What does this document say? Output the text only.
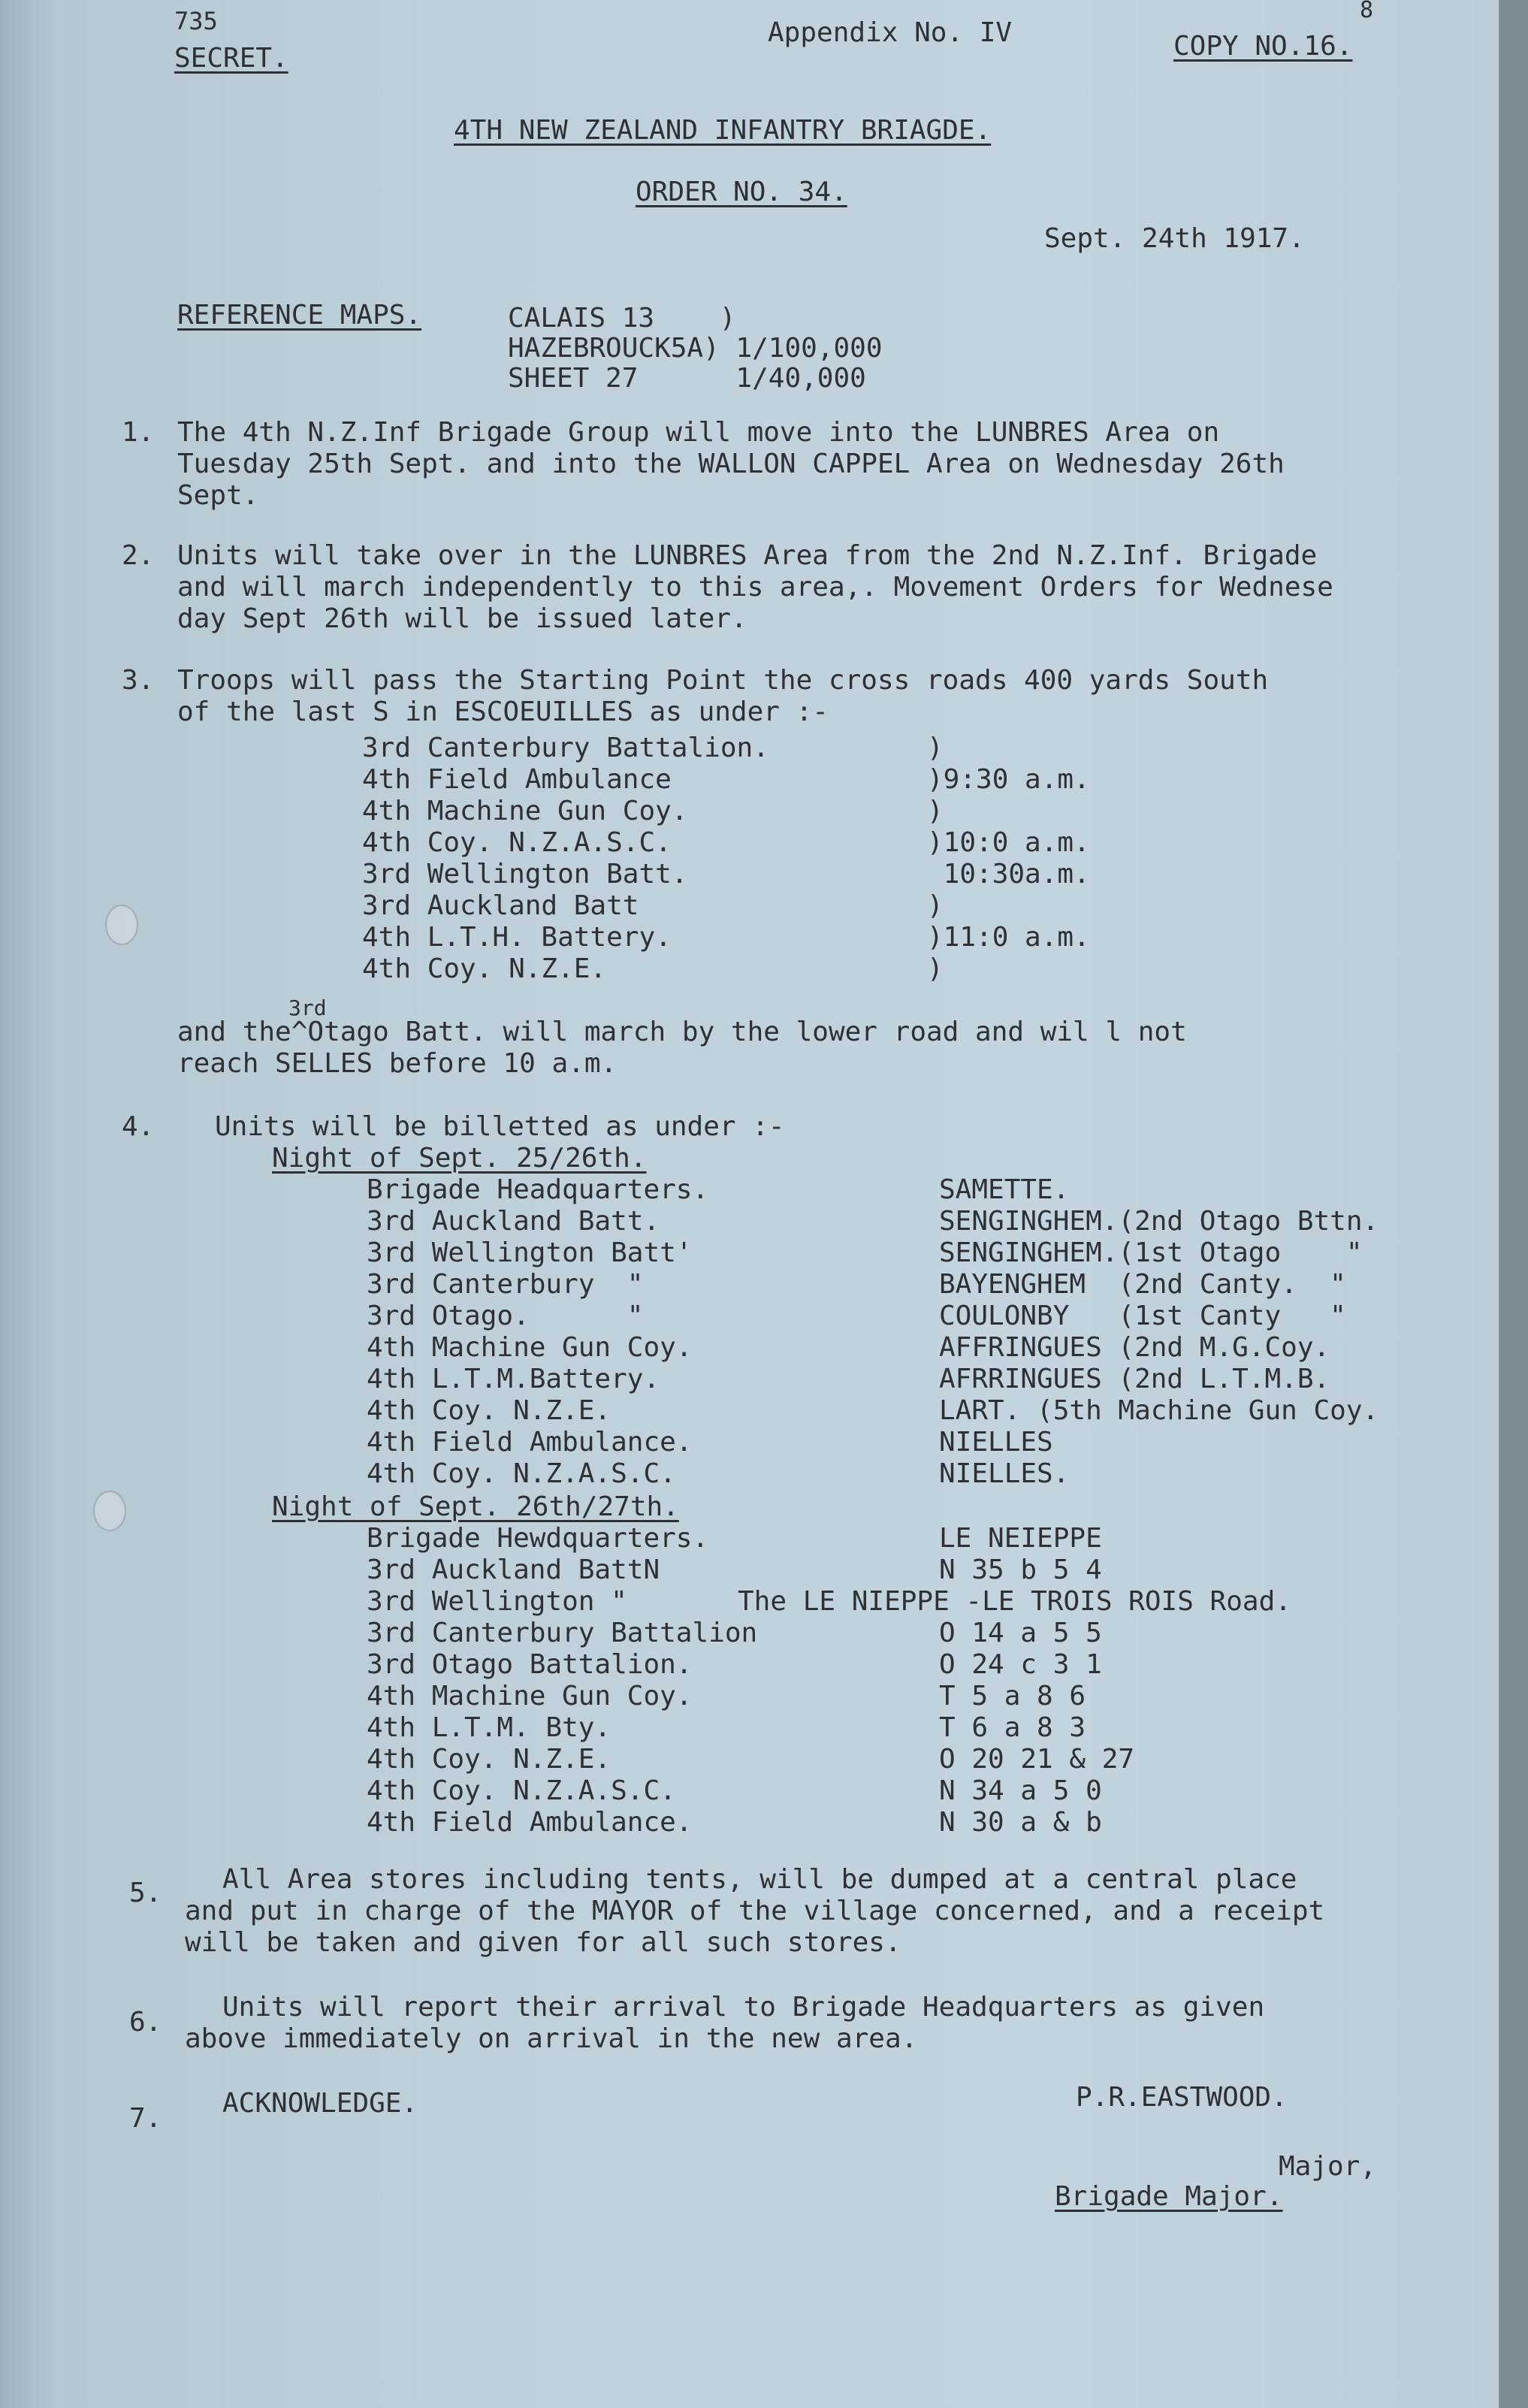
735
SECRET.
Appendix No. IV
8
COPY NO.16.
4TH NEW ZEALAND INFANTRY BRIAGDE.
ORDER NO. 34.
Sept. 24th 1917.
REFERENCE MAPS.	CALAIS 13    )
HAZEBROUCK5A) 1/100,000
SHEET 27      1/40,000
1. The 4th N.Z.Inf Brigade Group will move into the LUNBRES Area on
Tuesday 25th Sept. and into the WALLON CAPPEL Area on Wednesday 26th
Sept.
2. Units will take over in the LUNBRES Area from the 2nd N.Z.Inf. Brigade
and will march independently to this area,. Movement Orders for Wednese
day Sept 26th will be issued later.
3. Troops will pass the Starting Point the cross roads 400 yards South
of the last S in ESCOEUILLES as under :-
3rd Canterbury Battalion.
4th Field Ambulance
4th Machine Gun Coy.
4th Coy. N.Z.A.S.C.
3rd Wellington Batt.
3rd Auckland Batt
4th L.T.H. Battery.
4th Coy. N.Z.E.
)
)9:30 a.m.
)
)10:0 a.m.
10:30a.m.
)
)11:0 a.m.
)
3rd
and the^Otago Batt. will march by the lower road and wil l not
reach SELLES before 10 a.m.
4. Units will be billetted as under :-
Night of Sept. 25/26th.
Brigade Headquarters.
3rd Auckland Batt.
3rd Wellington Batt'
3rd Canterbury  "
3rd Otago.      "
4th Machine Gun Coy.
4th L.T.M.Battery.
4th Coy. N.Z.E.
4th Field Ambulance.
4th Coy. N.Z.A.S.C.
SAMETTE.
SENGINGHEM.(2nd Otago Bttn.
SENGINGHEM.(1st Otago    "
BAYENGHEM  (2nd Canty.  "
COULONBY   (1st Canty   "
AFFRINGUES (2nd M.G.Coy.
AFRRINGUES (2nd L.T.M.B.
LART. (5th Machine Gun Coy.
NIELLES
NIELLES.
Night of Sept. 26th/27th.
Brigade Hewdquarters.
3rd Auckland BattN
3rd Wellington "
3rd Canterbury Battalion
3rd Otago Battalion.
4th Machine Gun Coy.
4th L.T.M. Bty.
4th Coy. N.Z.E.
4th Coy. N.Z.A.S.C.
4th Field Ambulance.
LE NEIEPPE
N 35 b 5 4
The LE NIEPPE -LE TROIS ROIS Road.
O 14 a 5 5
O 24 c 3 1
T 5 a 8 6
T 6 a 8 3
O 20 21 & 27
N 34 a 5 0
N 30 a & b
5. All Area stores including tents, will be dumped at a central place
and put in charge of the MAYOR of the village concerned, and a receipt
will be taken and given for all such stores.
6. Units will report their arrival to Brigade Headquarters as given
above immediately on arrival in the new area.
7. ACKNOWLEDGE.	P.R.EASTWOOD.
Major,
Brigade Major.
